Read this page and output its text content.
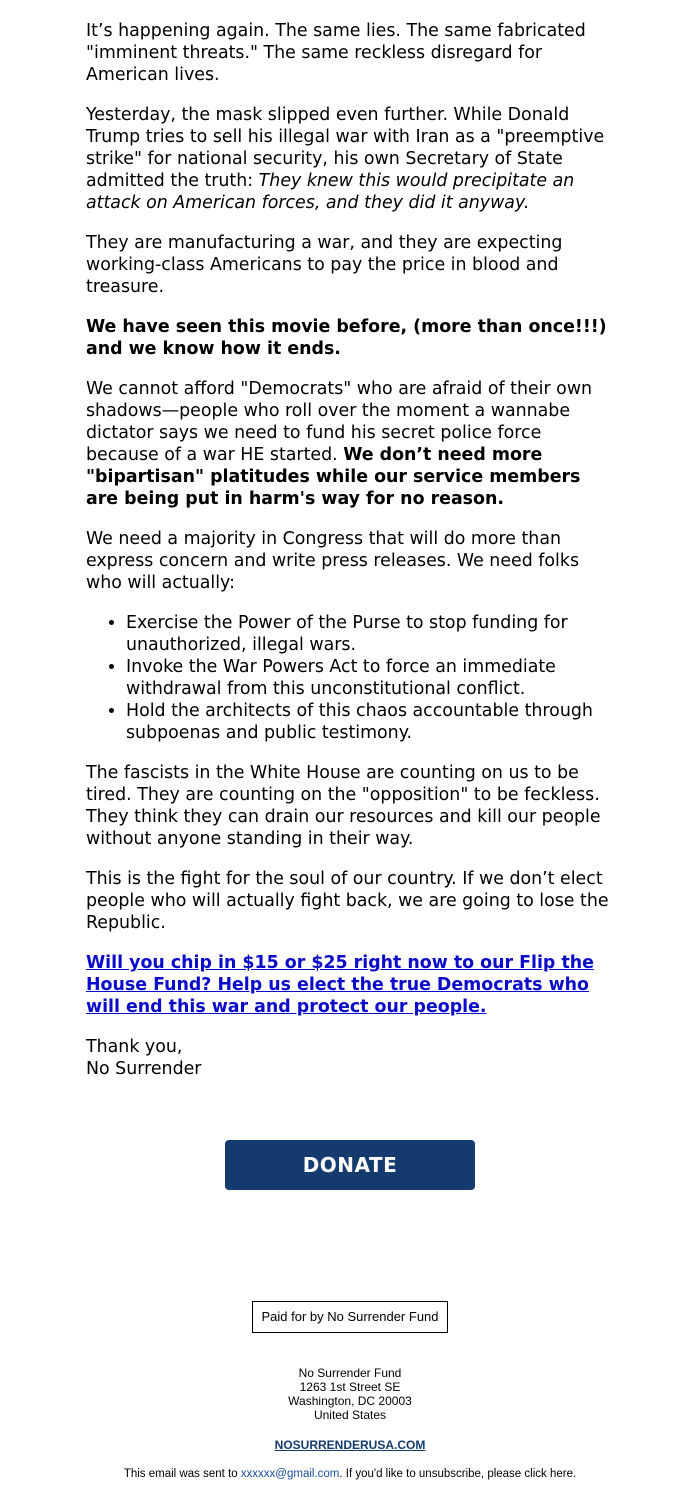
It’s happening again. The same lies. The same fabricated "imminent threats." The same reckless disregard for American lives.

Yesterday, the mask slipped even further. While Donald Trump tries to sell his illegal war with Iran as a "preemptive strike" for national security, his own Secretary of State admitted the truth: They knew this would precipitate an attack on American forces, and they did it anyway.

They are manufacturing a war, and they are expecting working-class Americans to pay the price in blood and treasure.

We have seen this movie before, (more than once!!!) and we know how it ends.

We cannot afford "Democrats" who are afraid of their own shadows—people who roll over the moment a wannabe dictator says we need to fund his secret police force because of a war HE started. We don’t need more "bipartisan" platitudes while our service members are being put in harm's way for no reason.

We need a majority in Congress that will do more than express concern and write press releases. We need folks who will actually:

• Exercise the Power of the Purse to stop funding for unauthorized, illegal wars.
• Invoke the War Powers Act to force an immediate withdrawal from this unconstitutional conflict.
• Hold the architects of this chaos accountable through subpoenas and public testimony.

The fascists in the White House are counting on us to be tired. They are counting on the "opposition" to be feckless. They think they can drain our resources and kill our people without anyone standing in their way.

This is the fight for the soul of our country. If we don’t elect people who will actually fight back, we are going to lose the Republic.

Will you chip in $15 or $25 right now to our Flip the House Fund? Help us elect the true Democrats who will end this war and protect our people.

Thank you,
No Surrender

DONATE
Paid for by No Surrender Fund
No Surrender Fund
1263 1st Street SE
Washington, DC 20003
United States
NOSURRENDERUSA.COM
This email was sent to xxxxxx@gmail.com. If you'd like to unsubscribe, please click here.
